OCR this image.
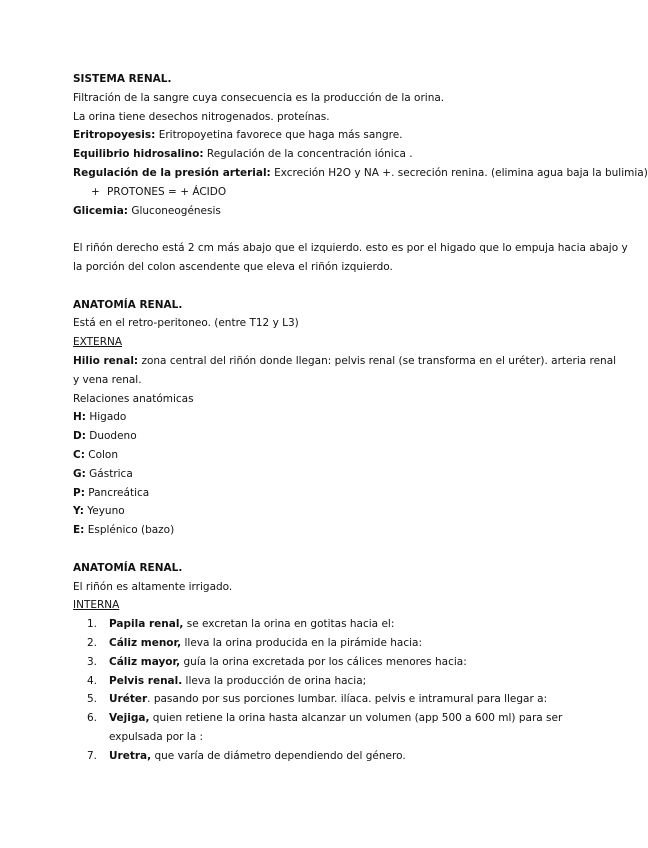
SISTEMA RENAL.
Filtración de la sangre cuya consecuencia es la producción de la orina.
La orina tiene desechos nitrogenados. proteínas.
Eritropoyesis: Eritropoyetina favorece que haga más sangre.
Equilibrio hidrosalino: Regulación de la concentración iónica .
Regulación de la presión arterial: Excreción H2O y NA +. secreción renina. (elimina agua baja la bulimia)
+ PROTONES = + ÁCIDO
Glicemia: Gluconeogénesis
El riñón derecho está 2 cm más abajo que el izquierdo. esto es por el higado que lo empuja hacia abajo y
la porción del colon ascendente que eleva el riñón izquierdo.
ANATOMÍA RENAL.
Está en el retro-peritoneo. (entre T12 y L3)
EXTERNA
Hilio renal: zona central del riñón donde llegan: pelvis renal (se transforma en el uréter). arteria renal
y vena renal.
Relaciones anatómicas
H: Higado
D: Duodeno
C: Colon
G: Gástrica
P: Pancreática
Y: Yeyuno
E: Esplénico (bazo)
ANATOMÍA RENAL.
El riñón es altamente irrigado.
INTERNA
1.	Papila renal, se excretan la orina en gotitas hacia el:
2.	Cáliz menor, lleva la orina producida en la pirámide hacia:
3.	Cáliz mayor, guía la orina excretada por los cálices menores hacia:
4.	Pelvis renal. lleva la producción de orina hacia;
5.	Uréter. pasando por sus porciones lumbar. ilíaca. pelvis e intramural para llegar a:
6.	Vejiga, quien retiene la orina hasta alcanzar un volumen (app 500 a 600 ml) para ser expulsada por la :
7.	Uretra, que varía de diámetro dependiendo del género.
